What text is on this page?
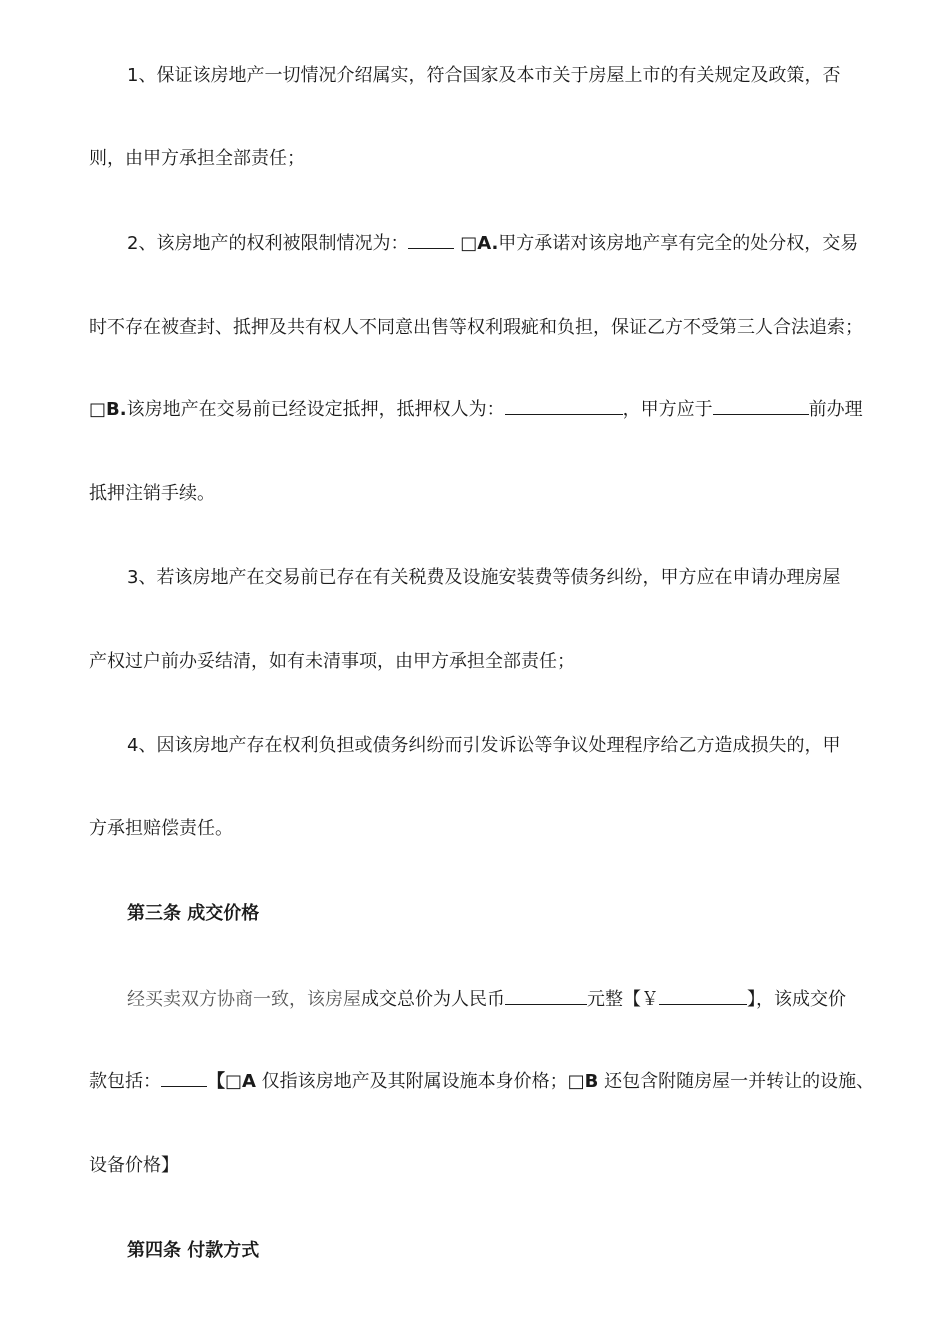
1、保证该房地产一切情况介绍属实，符合国家及本市关于房屋上市的有关规定及政策，否
则，由甲方承担全部责任；
2、该房地产的权利被限制情况为：	□A.甲方承诺对该房地产享有完全的处分权，交易
时不存在被查封、抵押及共有权人不同意出售等权利瑕疵和负担，保证乙方不受第三人合法追索；
□B.该房地产在交易前已经设定抵押，抵押权人为：	，甲方应于	前办理
抵押注销手续。
3、若该房地产在交易前已存在有关税费及设施安装费等债务纠纷，甲方应在申请办理房屋
产权过户前办妥结清，如有未清事项，由甲方承担全部责任；
4、因该房地产存在权利负担或债务纠纷而引发诉讼等争议处理程序给乙方造成损失的，甲
方承担赔偿责任。
第三条 成交价格
经买卖双方协商一致，该房屋成交总价为人民币	元整【￥	】，该成交价
款包括：	【□A 仅指该房地产及其附属设施本身价格；□B 还包含附随房屋一并转让的设施、
设备价格】
第四条 付款方式
